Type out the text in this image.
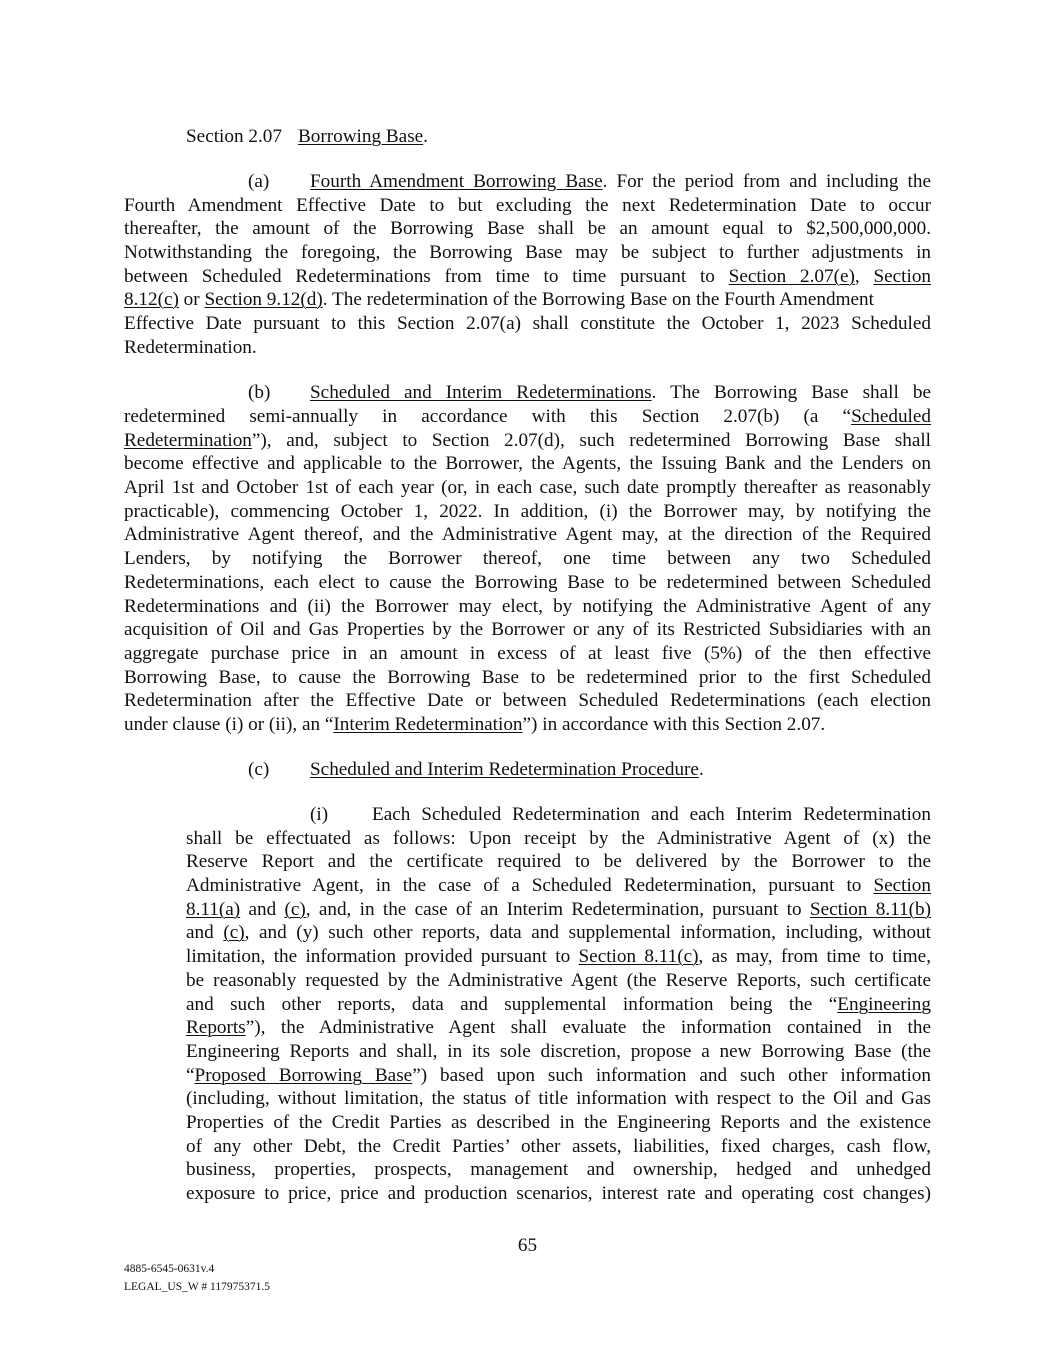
Section 2.07 Borrowing Base.
(a) Fourth Amendment Borrowing Base. For the period from and including the
Fourth Amendment Effective Date to but excluding the next Redetermination Date to occur
thereafter, the amount of the Borrowing Base shall be an amount equal to $2,500,000,000.
Notwithstanding the foregoing, the Borrowing Base may be subject to further adjustments in
between Scheduled Redeterminations from time to time pursuant to Section 2.07(e), Section
8.12(c) or Section 9.12(d). The redetermination of the Borrowing Base on the Fourth Amendment
Effective Date pursuant to this Section 2.07(a) shall constitute the October 1, 2023 Scheduled
Redetermination.
(b) Scheduled and Interim Redeterminations. The Borrowing Base shall be
redetermined semi-annually in accordance with this Section 2.07(b) (a “Scheduled
Redetermination”), and, subject to Section 2.07(d), such redetermined Borrowing Base shall
become effective and applicable to the Borrower, the Agents, the Issuing Bank and the Lenders on
April 1st and October 1st of each year (or, in each case, such date promptly thereafter as reasonably
practicable), commencing October 1, 2022. In addition, (i) the Borrower may, by notifying the
Administrative Agent thereof, and the Administrative Agent may, at the direction of the Required
Lenders, by notifying the Borrower thereof, one time between any two Scheduled
Redeterminations, each elect to cause the Borrowing Base to be redetermined between Scheduled
Redeterminations and (ii) the Borrower may elect, by notifying the Administrative Agent of any
acquisition of Oil and Gas Properties by the Borrower or any of its Restricted Subsidiaries with an
aggregate purchase price in an amount in excess of at least five (5%) of the then effective
Borrowing Base, to cause the Borrowing Base to be redetermined prior to the first Scheduled
Redetermination after the Effective Date or between Scheduled Redeterminations (each election
under clause (i) or (ii), an “Interim Redetermination”) in accordance with this Section 2.07.
(c) Scheduled and Interim Redetermination Procedure.
(i) Each Scheduled Redetermination and each Interim Redetermination
shall be effectuated as follows: Upon receipt by the Administrative Agent of (x) the
Reserve Report and the certificate required to be delivered by the Borrower to the
Administrative Agent, in the case of a Scheduled Redetermination, pursuant to Section
8.11(a) and (c), and, in the case of an Interim Redetermination, pursuant to Section 8.11(b)
and (c), and (y) such other reports, data and supplemental information, including, without
limitation, the information provided pursuant to Section 8.11(c), as may, from time to time,
be reasonably requested by the Administrative Agent (the Reserve Reports, such certificate
and such other reports, data and supplemental information being the “Engineering
Reports”), the Administrative Agent shall evaluate the information contained in the
Engineering Reports and shall, in its sole discretion, propose a new Borrowing Base (the
“Proposed Borrowing Base”) based upon such information and such other information
(including, without limitation, the status of title information with respect to the Oil and Gas
Properties of the Credit Parties as described in the Engineering Reports and the existence
of any other Debt, the Credit Parties’ other assets, liabilities, fixed charges, cash flow,
business, properties, prospects, management and ownership, hedged and unhedged
exposure to price, price and production scenarios, interest rate and operating cost changes)
65
4885-6545-0631v.4
LEGAL_US_W # 117975371.5
